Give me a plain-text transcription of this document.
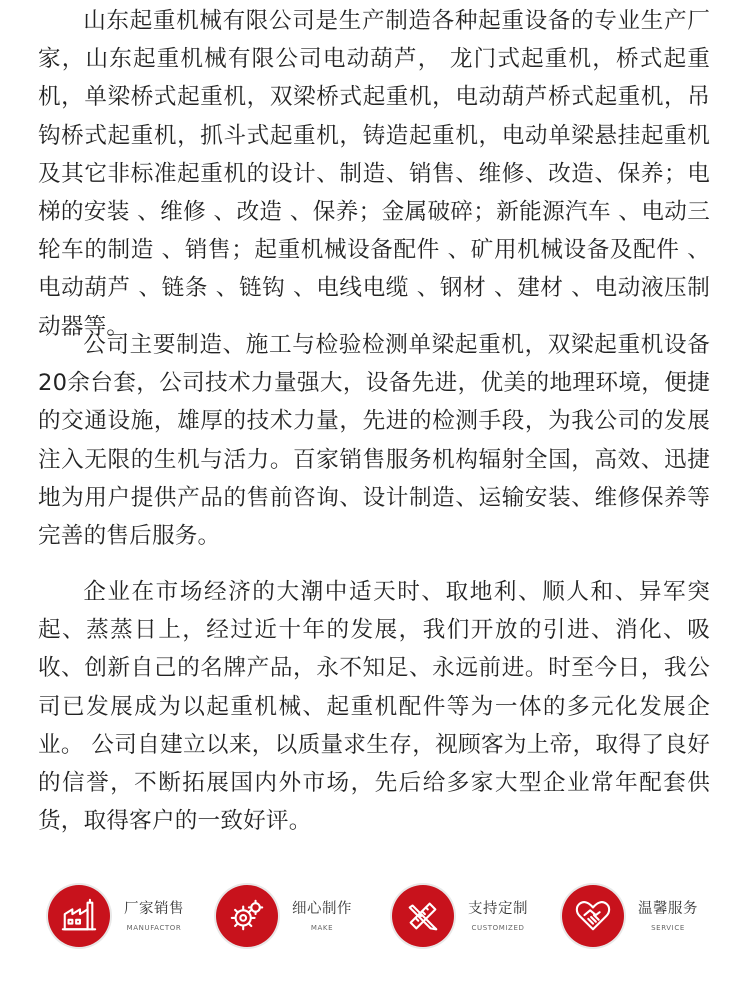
山东起重机械有限公司是生产制造各种起重设备的专业生产厂家，山东起重机械有限公司电动葫芦， 龙门式起重机，桥式起重机，单梁桥式起重机，双梁桥式起重机，电动葫芦桥式起重机，吊钩桥式起重机，抓斗式起重机，铸造起重机，电动单梁悬挂起重机及其它非标准起重机的设计、制造、销售、维修、改造、保养；电梯的安装 、维修 、改造 、保养；金属破碎；新能源汽车 、电动三轮车的制造 、销售；起重机械设备配件 、矿用机械设备及配件 、电动葫芦 、链条 、链钩 、电线电缆 、钢材 、建材 、电动液压制动器等。

公司主要制造、施工与检验检测单梁起重机，双梁起重机设备20余台套，公司技术力量强大，设备先进，优美的地理环境，便捷的交通设施，雄厚的技术力量，先进的检测手段，为我公司的发展注入无限的生机与活力。百家销售服务机构辐射全国，高效、迅捷地为用户提供产品的售前咨询、设计制造、运输安装、维修保养等完善的售后服务。

企业在市场经济的大潮中适天时、取地利、顺人和、异军突起、蒸蒸日上，经过近十年的发展，我们开放的引进、消化、吸收、创新自己的名牌产品，永不知足、永远前进。时至今日，我公司已发展成为以起重机械、起重机配件等为一体的多元化发展企业。 公司自建立以来，以质量求生存，视顾客为上帝，取得了良好的信誉，不断拓展国内外市场，先后给多家大型企业常年配套供货，取得客户的一致好评。

厂家销售
MANUFACTOR
细心制作
MAKE
支持定制
CUSTOMIZED
温馨服务
SERVICE
